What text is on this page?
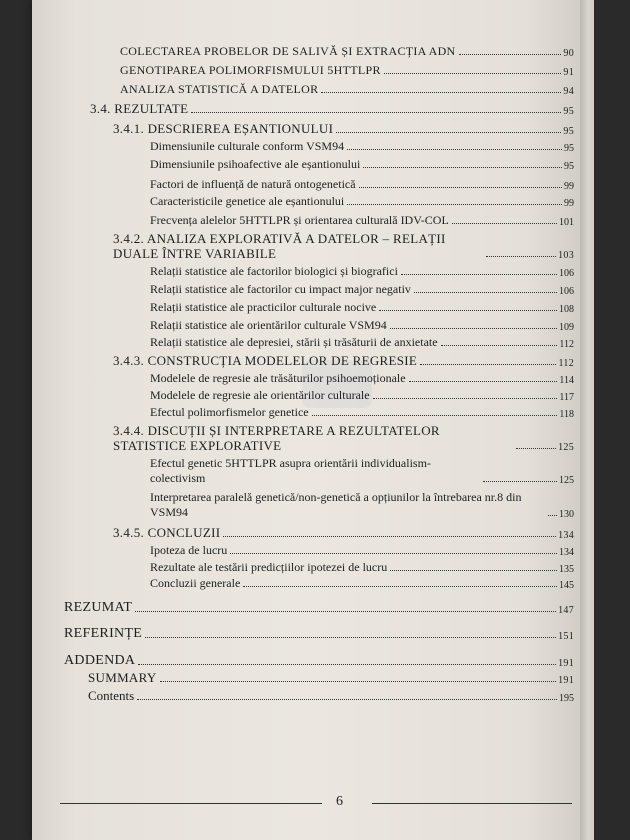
COLECTAREA PROBELOR DE SALIVĂ ȘI EXTRACȚIA ADN	90
GENOTIPAREA POLIMORFISMULUI 5HTTLPR	91
ANALIZA STATISTICĂ A DATELOR	94
3.4. REZULTATE	95
3.4.1. DESCRIEREA EȘANTIONULUI	95
Dimensiunile culturale conform VSM94	95
Dimensiunile psihoafective ale eșantionului	95
Factori de influență de natură ontogenetică	99
Caracteristicile genetice ale eșantionului	99
Frecvența alelelor 5HTTLPR și orientarea culturală IDV-COL	101
3.4.2. ANALIZA EXPLORATIVĂ A DATELOR – RELAȚII DUALE ÎNTRE VARIABILE	103
Relații statistice ale factorilor biologici și biografici	106
Relații statistice ale factorilor cu impact major negativ	106
Relații statistice ale practicilor culturale nocive	108
Relații statistice ale orientărilor culturale VSM94	109
Relații statistice ale depresiei, stării și trăsăturii de anxietate	112
3.4.3. CONSTRUCȚIA MODELELOR DE REGRESIE	112
Modelele de regresie ale trăsăturilor psihoemoționale	114
Modelele de regresie ale orientărilor culturale	117
Efectul polimorfismelor genetice	118
3.4.4. DISCUȚII ȘI INTERPRETARE A REZULTATELOR STATISTICE EXPLORATIVE	125
Efectul genetic 5HTTLPR asupra orientării individualism-colectivism	125
Interpretarea paralelă genetică/non-genetică a opțiunilor la întrebarea nr.8 din VSM94	130
3.4.5. CONCLUZII	134
Ipoteza de lucru	134
Rezultate ale testării predicțiilor ipotezei de lucru	135
Concluzii generale	145
REZUMAT	147
REFERINȚE	151
ADDENDA	191
SUMMARY	191
Contents	195
6
